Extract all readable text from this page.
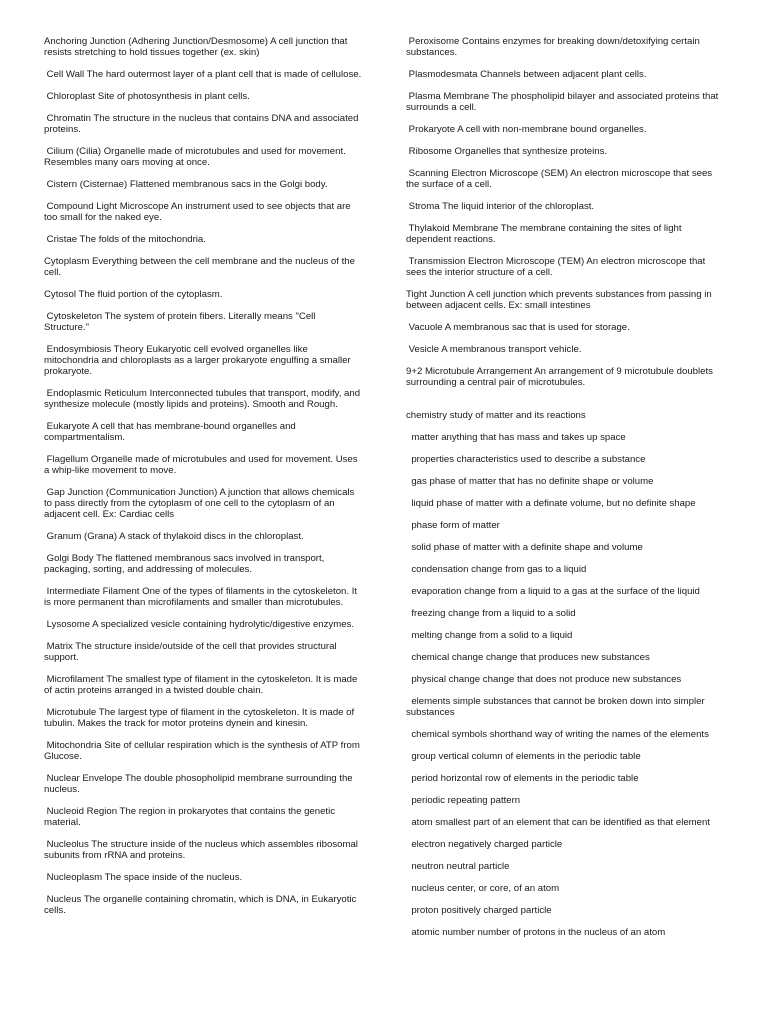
Anchoring Junction (Adhering Junction/Desmosome) A cell junction that resists stretching to hold tissues together (ex. skin)

Cell Wall The hard outermost layer of a plant cell that is made of cellulose.

Chloroplast Site of photosynthesis in plant cells.

Chromatin The structure in the nucleus that contains DNA and associated proteins.

Cilium (Cilia) Organelle made of microtubules and used for movement. Resembles many oars moving at once.

Cistern (Cisternae) Flattened membranous sacs in the Golgi body.

Compound Light Microscope An instrument used to see objects that are too small for the naked eye.

Cristae The folds of the mitochondria.

Cytoplasm Everything between the cell membrane and the nucleus of the cell.

Cytosol The fluid portion of the cytoplasm.

Cytoskeleton The system of protein fibers. Literally means "Cell Structure."

Endosymbiosis Theory Eukaryotic cell evolved organelles like mitochondria and chloroplasts as a larger prokaryote engulfing a smaller prokaryote.

Endoplasmic Reticulum Interconnected tubules that transport, modify, and synthesize molecule (mostly lipids and proteins). Smooth and Rough.

Eukaryote A cell that has membrane-bound organelles and compartmentalism.

Flagellum Organelle made of microtubules and used for movement. Uses a whip-like movement to move.

Gap Junction (Communication Junction) A junction that allows chemicals to pass directly from the cytoplasm of one cell to the cytoplasm of an adjacent cell. Ex: Cardiac cells

Granum (Grana) A stack of thylakoid discs in the chloroplast.

Golgi Body The flattened membranous sacs involved in transport, packaging, sorting, and addressing of molecules.

Intermediate Filament One of the types of filaments in the cytoskeleton. It is more permanent than microfilaments and smaller than microtubules.

Lysosome A specialized vesicle containing hydrolytic/digestive enzymes.

Matrix The structure inside/outside of the cell that provides structural support.

Microfilament The smallest type of filament in the cytoskeleton. It is made of actin proteins arranged in a twisted double chain.

Microtubule The largest type of filament in the cytoskeleton. It is made of tubulin. Makes the track for motor proteins dynein and kinesin.

Mitochondria Site of cellular respiration which is the synthesis of ATP from Glucose.

Nuclear Envelope The double phosopholipid membrane surrounding the nucleus.

Nucleoid Region The region in prokaryotes that contains the genetic material.

Nucleolus The structure inside of the nucleus which assembles ribosomal subunits from rRNA and proteins.

Nucleoplasm The space inside of the nucleus.

Nucleus The organelle containing chromatin, which is DNA, in Eukaryotic cells.

Peroxisome Contains enzymes for breaking down/detoxifying certain substances.

Plasmodesmata Channels between adjacent plant cells.

Plasma Membrane The phospholipid bilayer and associated proteins that surrounds a cell.

Prokaryote A cell with non-membrane bound organelles.

Ribosome Organelles that synthesize proteins.

Scanning Electron Microscope (SEM) An electron microscope that sees the surface of a cell.

Stroma The liquid interior of the chloroplast.

Thylakoid Membrane The membrane containing the sites of light dependent reactions.

Transmission Electron Microscope (TEM) An electron microscope that sees the interior structure of a cell.

Tight Junction A cell junction which prevents substances from passing in between adjacent cells. Ex: small intestines

Vacuole A membranous sac that is used for storage.

Vesicle A membranous transport vehicle.

9+2 Microtubule Arrangement An arrangement of 9 microtubule doublets surrounding a central pair of microtubules.

chemistry study of matter and its reactions

matter anything that has mass and takes up space

properties characteristics used to describe a substance

gas phase of matter that has no definite shape or volume

liquid phase of matter with a definate volume, but no definite shape

phase form of matter

solid phase of matter with a definite shape and volume

condensation change from gas to a liquid

evaporation change from a liquid to a gas at the surface of the liquid

freezing change from a liquid to a solid

melting change from a solid to a liquid

chemical change change that produces new substances

physical change change that does not produce new substances

elements simple substances that cannot be broken down into simpler substances

chemical symbols shorthand way of writing the names of the elements

group vertical column of elements in the periodic table

period horizontal row of elements in the periodic table

periodic repeating pattern

atom smallest part of an element that can be identified as that element

electron negatively charged particle

neutron neutral particle

nucleus center, or core, of an atom

proton positively charged particle

atomic number number of protons in the nucleus of an atom
